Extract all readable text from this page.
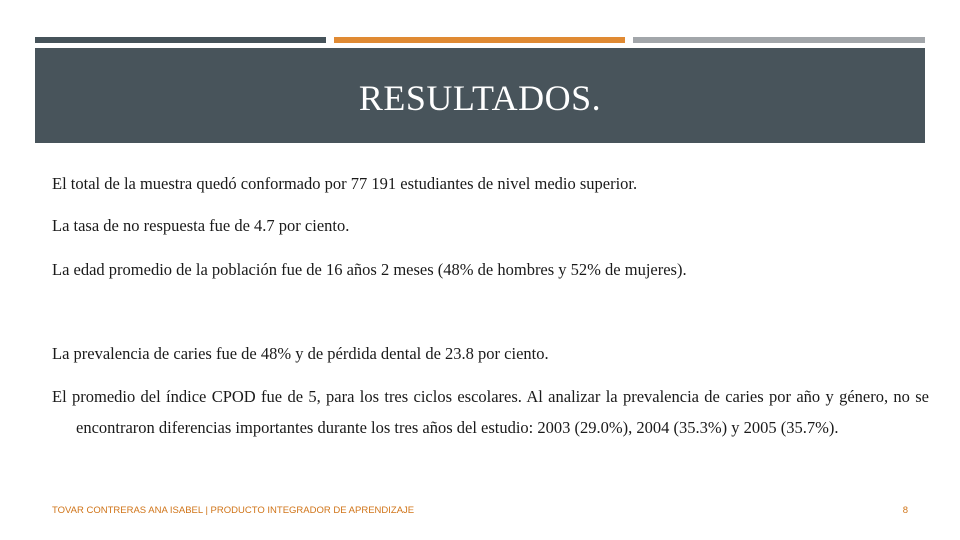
RESULTADOS.

El total de la muestra quedó conformado por 77 191 estudiantes de nivel medio superior.

La tasa de no respuesta fue de 4.7 por ciento.

La edad promedio de la población fue de 16 años 2 meses (48% de hombres y 52% de mujeres).

La prevalencia de caries fue de 48% y de pérdida dental de 23.8 por ciento.

El promedio del índice CPOD fue de 5, para los tres ciclos escolares. Al analizar la prevalencia de caries por año y género, no se encontraron diferencias importantes durante los tres años del estudio: 2003 (29.0%), 2004 (35.3%) y 2005 (35.7%).

TOVAR CONTRERAS ANA ISABEL | PRODUCTO INTEGRADOR DE APRENDIZAJE	8
